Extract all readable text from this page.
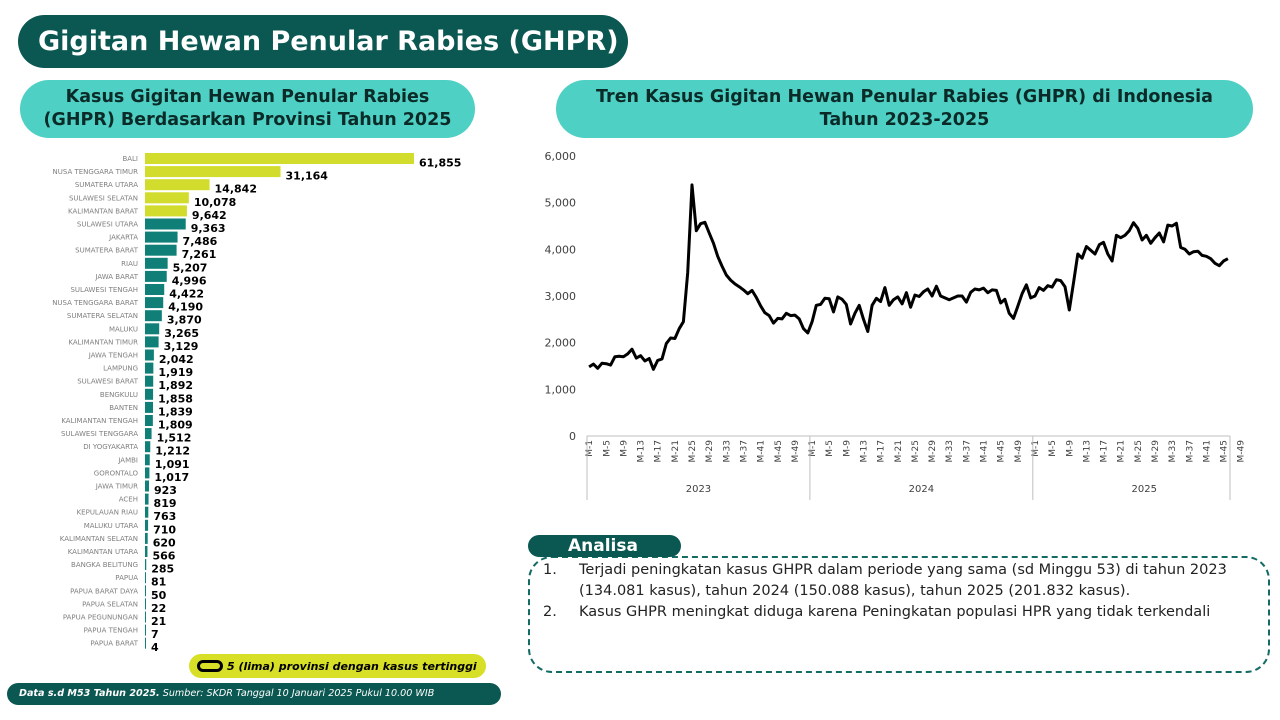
Gigitan Hewan Penular Rabies (GHPR)
Kasus Gigitan Hewan Penular Rabies
(GHPR) Berdasarkan Provinsi Tahun 2025
Tren Kasus Gigitan Hewan Penular Rabies (GHPR) di Indonesia
Tahun 2023-2025
BALI	61,855
NUSA TENGGARA TIMUR	31,164
SUMATERA UTARA	14,842
SULAWESI SELATAN	10,078
KALIMANTAN BARAT	9,642
SULAWESI UTARA	9,363
JAKARTA	7,486
SUMATERA BARAT	7,261
RIAU	5,207
JAWA BARAT	4,996
SULAWESI TENGAH	4,422
NUSA TENGGARA BARAT	4,190
SUMATERA SELATAN	3,870
MALUKU 3,265
KALIMANTAN TIMUR 3,129
JAWA TENGAH 2,042
LAMPUNG 1,919
SULAWESI BARAT 1,892
BENGKULU 1,858
BANTEN 1,839
KALIMANTAN TENGAH 1,809
SULAWESI TENGGARA 1,512
DI YOGYAKARTA 1,212
JAMBI 1,091
GORONTALO 1,017
JAWA TIMUR 923
ACEH 819
KEPULAUAN RIAU 763
MALUKU UTARA 710
KALIMANTAN SELATAN 620
KALIMANTAN UTARA 566
BANGKA BELITUNG 285
PAPUA 81
PAPUA BARAT DAYA 50
PAPUA SELATAN 22
PAPUA PEGUNUNGAN 21
PAPUA TENGAH 7
PAPUA BARAT 4
5 (lima) provinsi dengan kasus tertinggi
Data s.d M53 Tahun 2025. Sumber: SKDR Tanggal 10 Januari 2025 Pukul 10.00 WIB
0
1,000
2,000
3,000
4,000
5,000
6,000
M-1 M-5 M-9 M-13 M-17 M-21 M-25 M-29 M-33 M-37 M-41 M-45 M-49
2023
M-1 M-5 M-9 M-13 M-17 M-21 M-25 M-29 M-33 M-37 M-41 M-45 M-49
2024
M-1 M-5 M-9 M-13 M-17 M-21 M-25 M-29 M-33 M-37 M-41 M-45 M-49
2025
Analisa
1.	Terjadi peningkatan kasus GHPR dalam periode yang sama (sd Minggu 53) di tahun 2023 (134.081 kasus), tahun 2024 (150.088 kasus), tahun 2025 (201.832 kasus).
2.	Kasus GHPR meningkat diduga karena Peningkatan populasi HPR yang tidak terkendali
